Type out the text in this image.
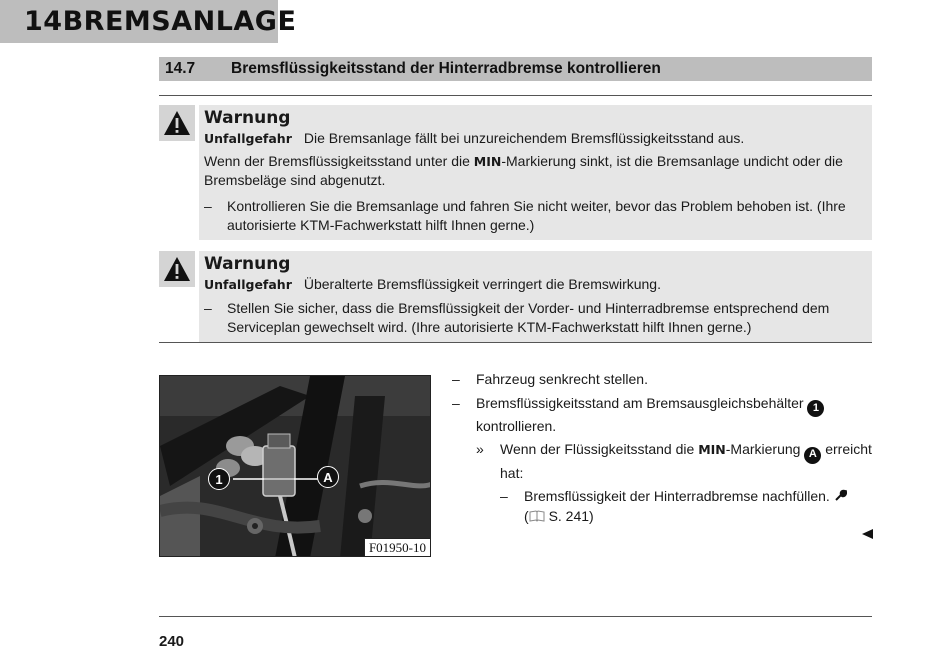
14 BREMSANLAGE
14.7	Bremsflüssigkeitsstand der Hinterradbremse kontrollieren
Warnung
Unfallgefahr Die Bremsanlage fällt bei unzureichendem Bremsflüssigkeitsstand aus.
Wenn der Bremsflüssigkeitsstand unter die MIN-Markierung sinkt, ist die Bremsanlage undicht oder die Bremsbeläge sind abgenutzt.
– Kontrollieren Sie die Bremsanlage und fahren Sie nicht weiter, bevor das Problem behoben ist. (Ihre autorisierte KTM-Fachwerkstatt hilft Ihnen gerne.)
Warnung
Unfallgefahr Überalterte Bremsflüssigkeit verringert die Bremswirkung.
– Stellen Sie sicher, dass die Bremsflüssigkeit der Vorder- und Hinterradbremse entsprechend dem Serviceplan gewechselt wird. (Ihre autorisierte KTM-Fachwerkstatt hilft Ihnen gerne.)
1	A
F01950-10
– Fahrzeug senkrecht stellen.
– Bremsflüssigkeitsstand am Bremsausgleichsbehälter 1 kontrollieren.
» Wenn der Flüssigkeitsstand die MIN-Markierung A erreicht hat:
– Bremsflüssigkeit der Hinterradbremse nachfüllen.
( S. 241)
240
